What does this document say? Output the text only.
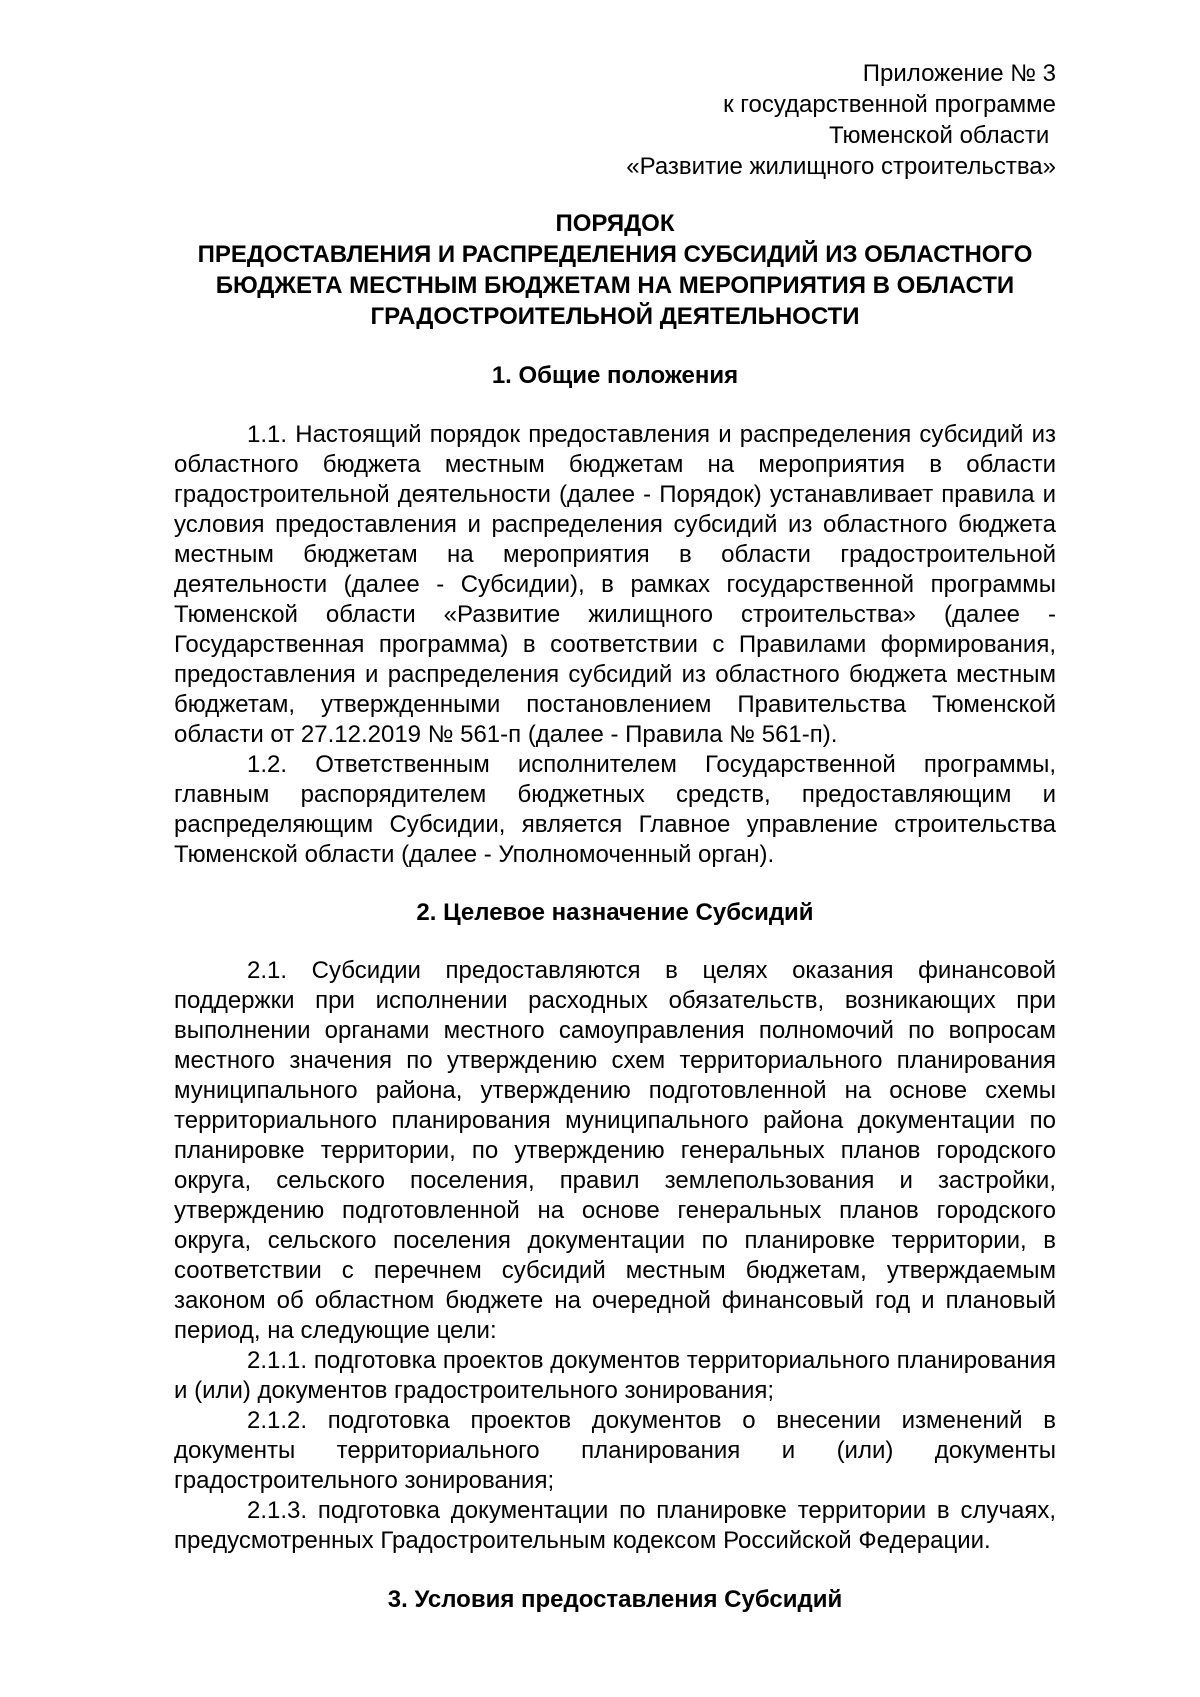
Приложение № 3
к государственной программе
Тюменской области
«Развитие жилищного строительства»
ПОРЯДОК
ПРЕДОСТАВЛЕНИЯ И РАСПРЕДЕЛЕНИЯ СУБСИДИЙ ИЗ ОБЛАСТНОГО
БЮДЖЕТА МЕСТНЫМ БЮДЖЕТАМ НА МЕРОПРИЯТИЯ В ОБЛАСТИ
ГРАДОСТРОИТЕЛЬНОЙ ДЕЯТЕЛЬНОСТИ
1. Общие положения

1.1. Настоящий порядок предоставления и распределения субсидий из областного бюджета местным бюджетам на мероприятия в области градостроительной деятельности (далее - Порядок) устанавливает правила и условия предоставления и распределения субсидий из областного бюджета местным бюджетам на мероприятия в области градостроительной деятельности (далее - Субсидии), в рамках государственной программы Тюменской области «Развитие жилищного строительства» (далее - Государственная программа) в соответствии с Правилами формирования, предоставления и распределения субсидий из областного бюджета местным бюджетам, утвержденными постановлением Правительства Тюменской области от 27.12.2019 № 561-п (далее - Правила № 561-п).

1.2. Ответственным исполнителем Государственной программы, главным распорядителем бюджетных средств, предоставляющим и распределяющим Субсидии, является Главное управление строительства Тюменской области (далее - Уполномоченный орган).

2. Целевое назначение Субсидий

2.1. Субсидии предоставляются в целях оказания финансовой поддержки при исполнении расходных обязательств, возникающих при выполнении органами местного самоуправления полномочий по вопросам местного значения по утверждению схем территориального планирования муниципального района, утверждению подготовленной на основе схемы территориального планирования муниципального района документации по планировке территории, по утверждению генеральных планов городского округа, сельского поселения, правил землепользования и застройки, утверждению подготовленной на основе генеральных планов городского округа, сельского поселения документации по планировке территории, в соответствии с перечнем субсидий местным бюджетам, утверждаемым законом об областном бюджете на очередной финансовый год и плановый период, на следующие цели:

2.1.1. подготовка проектов документов территориального планирования и (или) документов градостроительного зонирования;

2.1.2. подготовка проектов документов о внесении изменений в документы территориального планирования и (или) документы градостроительного зонирования;

2.1.3. подготовка документации по планировке территории в случаях, предусмотренных Градостроительным кодексом Российской Федерации.

3. Условия предоставления Субсидий
